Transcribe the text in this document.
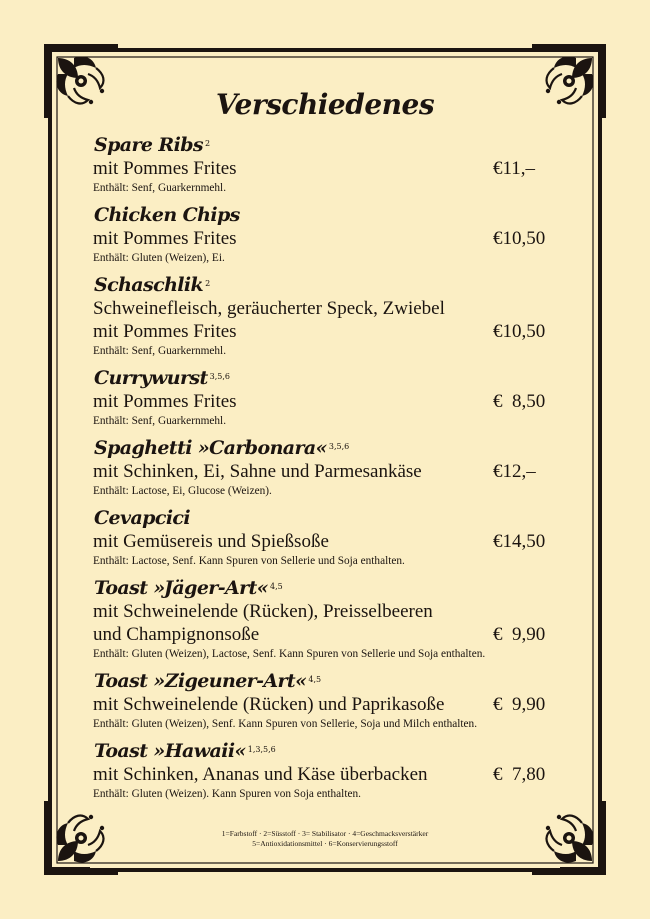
Verschiedenes
Spare Ribs $^2$
mit Pommes Frites	€11,–
Enthält: Senf, Guarkernmehl.
Chicken Chips
mit Pommes Frites	€10,50
Enthält: Gluten (Weizen), Ei.
Schaschlik $^2$
Schweinefleisch, geräucherter Speck, Zwiebel
mit Pommes Frites	€10,50
Enthält: Senf, Guarkernmehl.
Currywurst $^{3,5,6}$
mit Pommes Frites	€  8,50
Enthält: Senf, Guarkernmehl.
Spaghetti »Carbonara« $^{3,5,6}$
mit Schinken, Ei, Sahne und Parmesankäse	€12,–
Enthält: Lactose, Ei, Glucose (Weizen).
Cevapcici
mit Gemüsereis und Spießsoße	€14,50
Enthält: Lactose, Senf. Kann Spuren von Sellerie und Soja enthalten.
Toast »Jäger-Art« $^{4,5}$
mit Schweinelende (Rücken), Preisselbeeren
und Champignonsoße	€  9,90
Enthält: Gluten (Weizen), Lactose, Senf. Kann Spuren von Sellerie und Soja enthalten.
Toast »Zigeuner-Art« $^{4,5}$
mit Schweinelende (Rücken) und Paprikasoße	€  9,90
Enthält: Gluten (Weizen), Senf. Kann Spuren von Sellerie, Soja und Milch enthalten.
Toast »Hawaii« $^{1,3,5,6}$
mit Schinken, Ananas und Käse überbacken	€  7,80
Enthält: Gluten (Weizen). Kann Spuren von Soja enthalten.
1=Farbstoff · 2=Süsstoff · 3= Stabilisator · 4=Geschmacksverstärker
5=Antioxidationsmittel · 6=Konservierungsstoff
